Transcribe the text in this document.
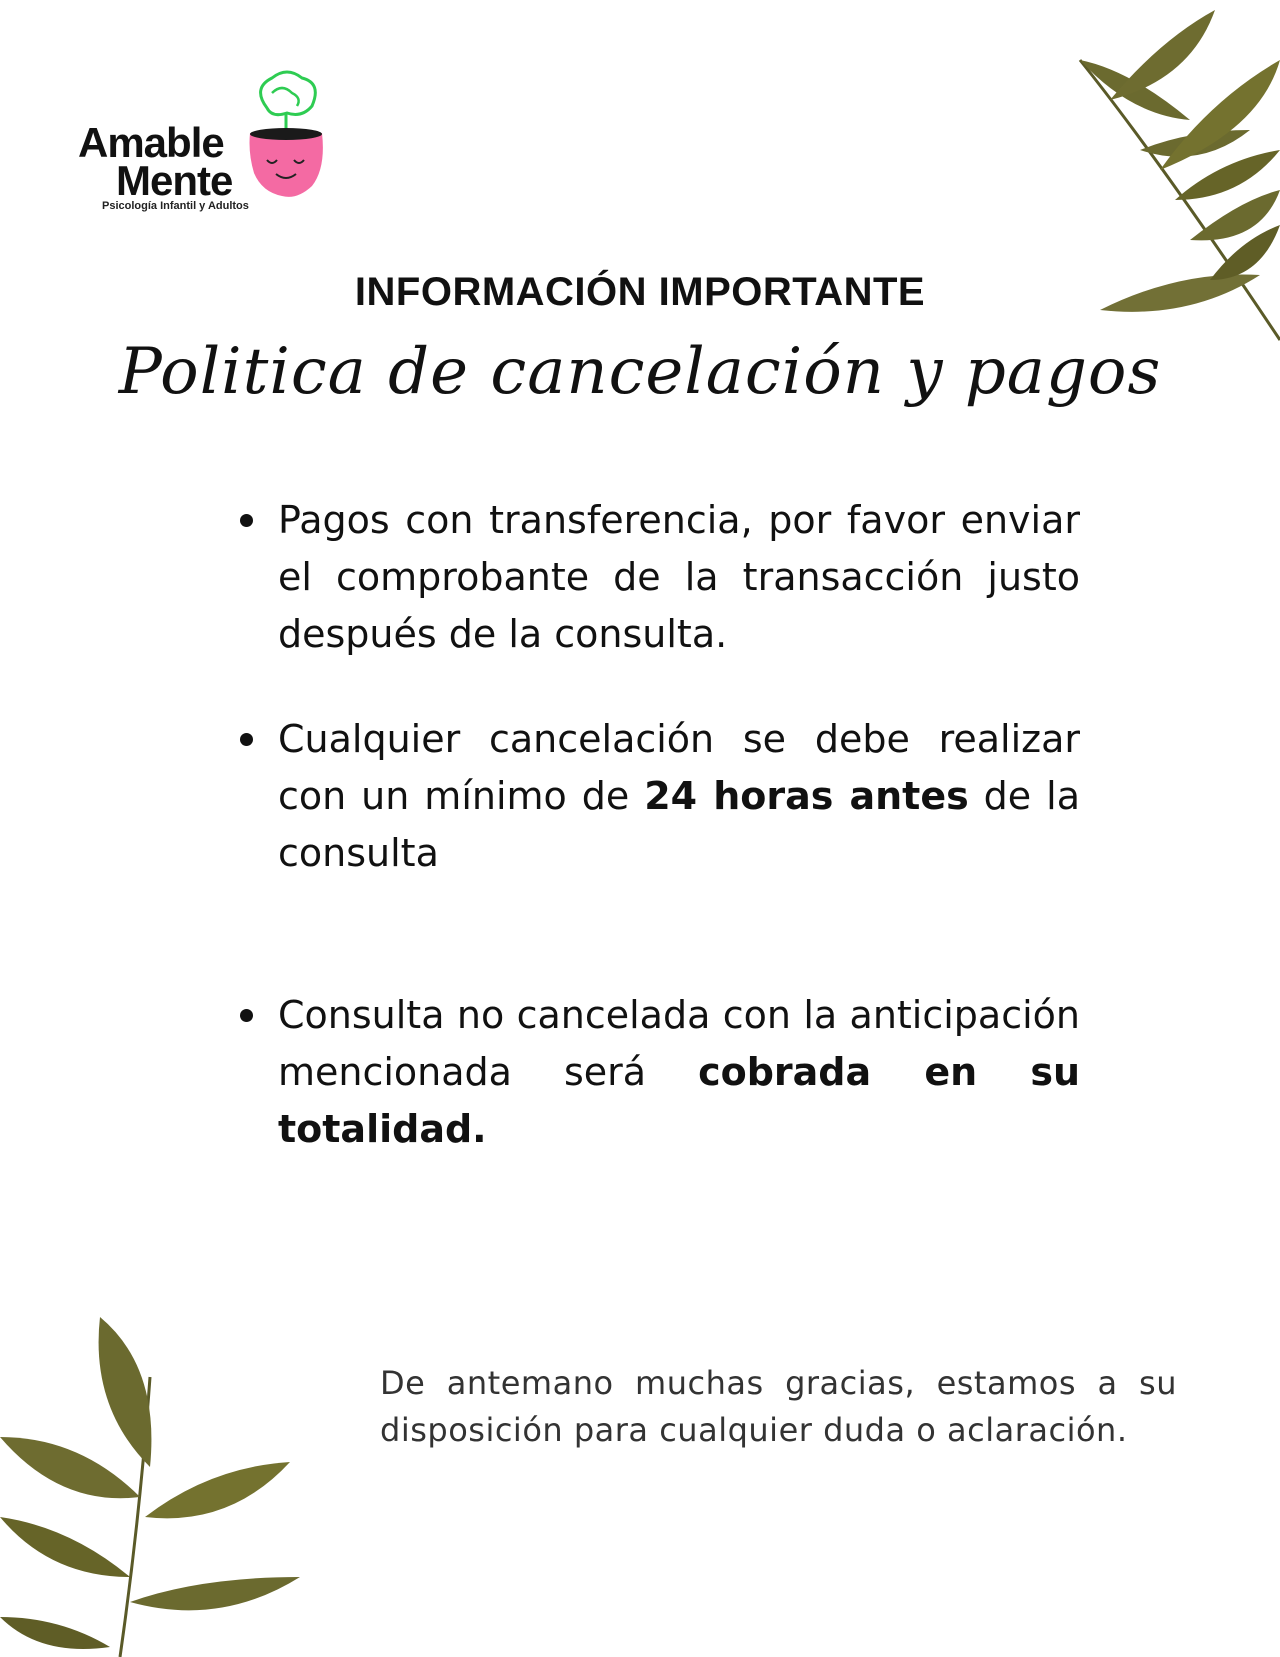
Amable
Mente
Psicología Infantil y Adultos
INFORMACIÓN IMPORTANTE
Politica de cancelación y pagos
Pagos con transferencia, por favor enviar el comprobante de la transacción justo después de la consulta.
Cualquier cancelación se debe realizar con un mínimo de 24 horas antes de la consulta
Consulta no cancelada con la anticipación mencionada será cobrada en su totalidad.
De antemano muchas gracias, estamos a su disposición para cualquier duda o aclaración.
